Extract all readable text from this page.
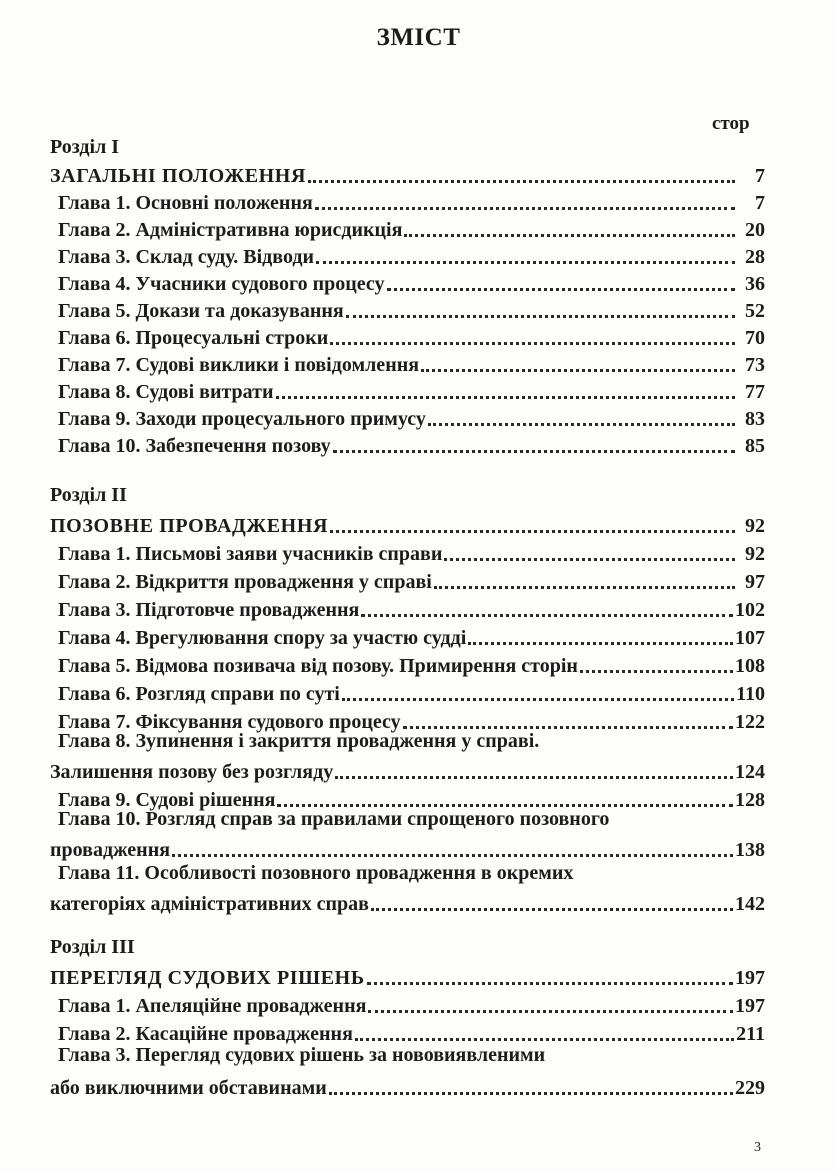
ЗМІСТ
стор
Розділ І
ЗАГАЛЬНІ ПОЛОЖЕННЯ	7
Глава 1. Основні положення	7
Глава 2. Адміністративна юрисдикція	20
Глава 3. Склад суду. Відводи	28
Глава 4. Учасники судового процесу	36
Глава 5. Докази та доказування	52
Глава 6. Процесуальні строки	70
Глава 7. Судові виклики і повідомлення	73
Глава 8. Судові витрати	77
Глава 9. Заходи процесуального примусу	83
Глава 10. Забезпечення позову	85
Розділ ІІ
ПОЗОВНЕ ПРОВАДЖЕННЯ	92
Глава 1. Письмові заяви учасників справи	92
Глава 2. Відкриття провадження у справі	97
Глава 3. Підготовче провадження	102
Глава 4. Врегулювання спору за участю судді	107
Глава 5. Відмова позивача від позову. Примирення сторін	108
Глава 6. Розгляд справи по суті	110
Глава 7. Фіксування судового процесу	122
Глава 8. Зупинення і закриття провадження у справі.
Залишення позову без розгляду	124
Глава 9. Судові рішення	128
Глава 10. Розгляд справ за правилами спрощеного позовного
провадження	138
Глава 11. Особливості позовного провадження в окремих
категоріях адміністративних справ	142
Розділ ІІІ
ПЕРЕГЛЯД СУДОВИХ РІШЕНЬ	197
Глава 1. Апеляційне провадження	197
Глава 2. Касаційне провадження	211
Глава 3. Перегляд судових рішень за нововиявленими
або виключними обставинами	229
3
